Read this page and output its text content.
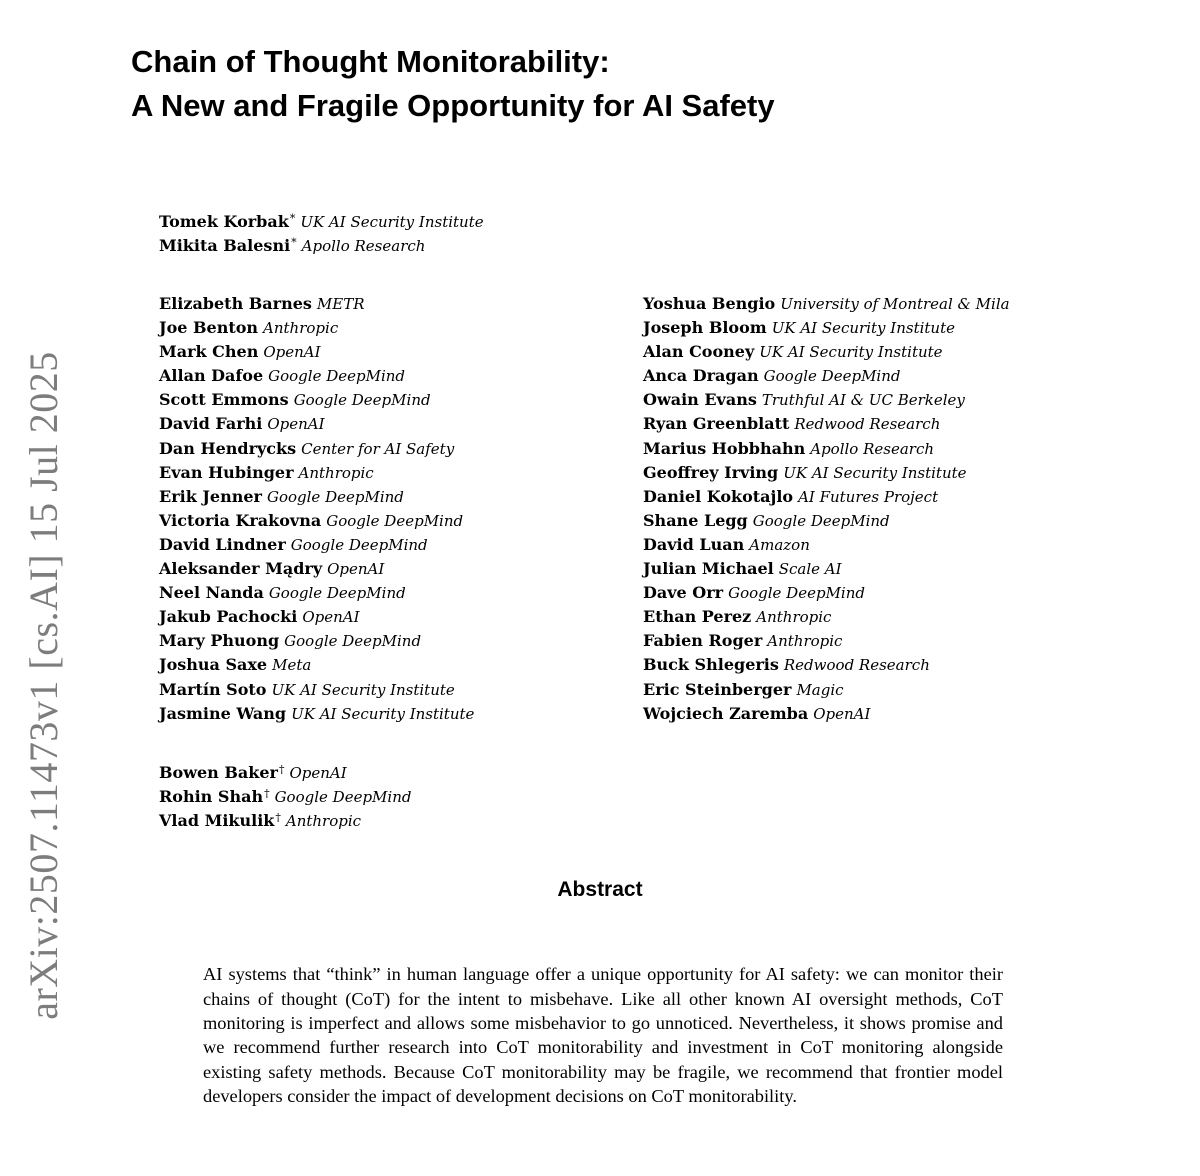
arXiv:2507.11473v1 [cs.AI] 15 Jul 2025
Chain of Thought Monitorability:
A New and Fragile Opportunity for AI Safety
Tomek Korbak* UK AI Security Institute
Mikita Balesni* Apollo Research
Elizabeth Barnes METR
Joe Benton Anthropic
Mark Chen OpenAI
Allan Dafoe Google DeepMind
Scott Emmons Google DeepMind
David Farhi OpenAI
Dan Hendrycks Center for AI Safety
Evan Hubinger Anthropic
Erik Jenner Google DeepMind
Victoria Krakovna Google DeepMind
David Lindner Google DeepMind
Aleksander Mądry OpenAI
Neel Nanda Google DeepMind
Jakub Pachocki OpenAI
Mary Phuong Google DeepMind
Joshua Saxe Meta
Martín Soto UK AI Security Institute
Jasmine Wang UK AI Security Institute
Yoshua Bengio University of Montreal & Mila
Joseph Bloom UK AI Security Institute
Alan Cooney UK AI Security Institute
Anca Dragan Google DeepMind
Owain Evans Truthful AI & UC Berkeley
Ryan Greenblatt Redwood Research
Marius Hobbhahn Apollo Research
Geoffrey Irving UK AI Security Institute
Daniel Kokotajlo AI Futures Project
Shane Legg Google DeepMind
David Luan Amazon
Julian Michael Scale AI
Dave Orr Google DeepMind
Ethan Perez Anthropic
Fabien Roger Anthropic
Buck Shlegeris Redwood Research
Eric Steinberger Magic
Wojciech Zaremba OpenAI
Bowen Baker† OpenAI
Rohin Shah† Google DeepMind
Vlad Mikulik† Anthropic
Abstract

AI systems that “think” in human language offer a unique opportunity for AI safety: we can monitor their chains of thought (CoT) for the intent to misbehave. Like all other known AI oversight methods, CoT monitoring is imperfect and allows some misbehavior to go unnoticed. Nevertheless, it shows promise and we recommend further research into CoT monitorability and investment in CoT monitoring alongside existing safety methods. Because CoT monitorability may be fragile, we recommend that frontier model developers consider the impact of development decisions on CoT monitorability.
